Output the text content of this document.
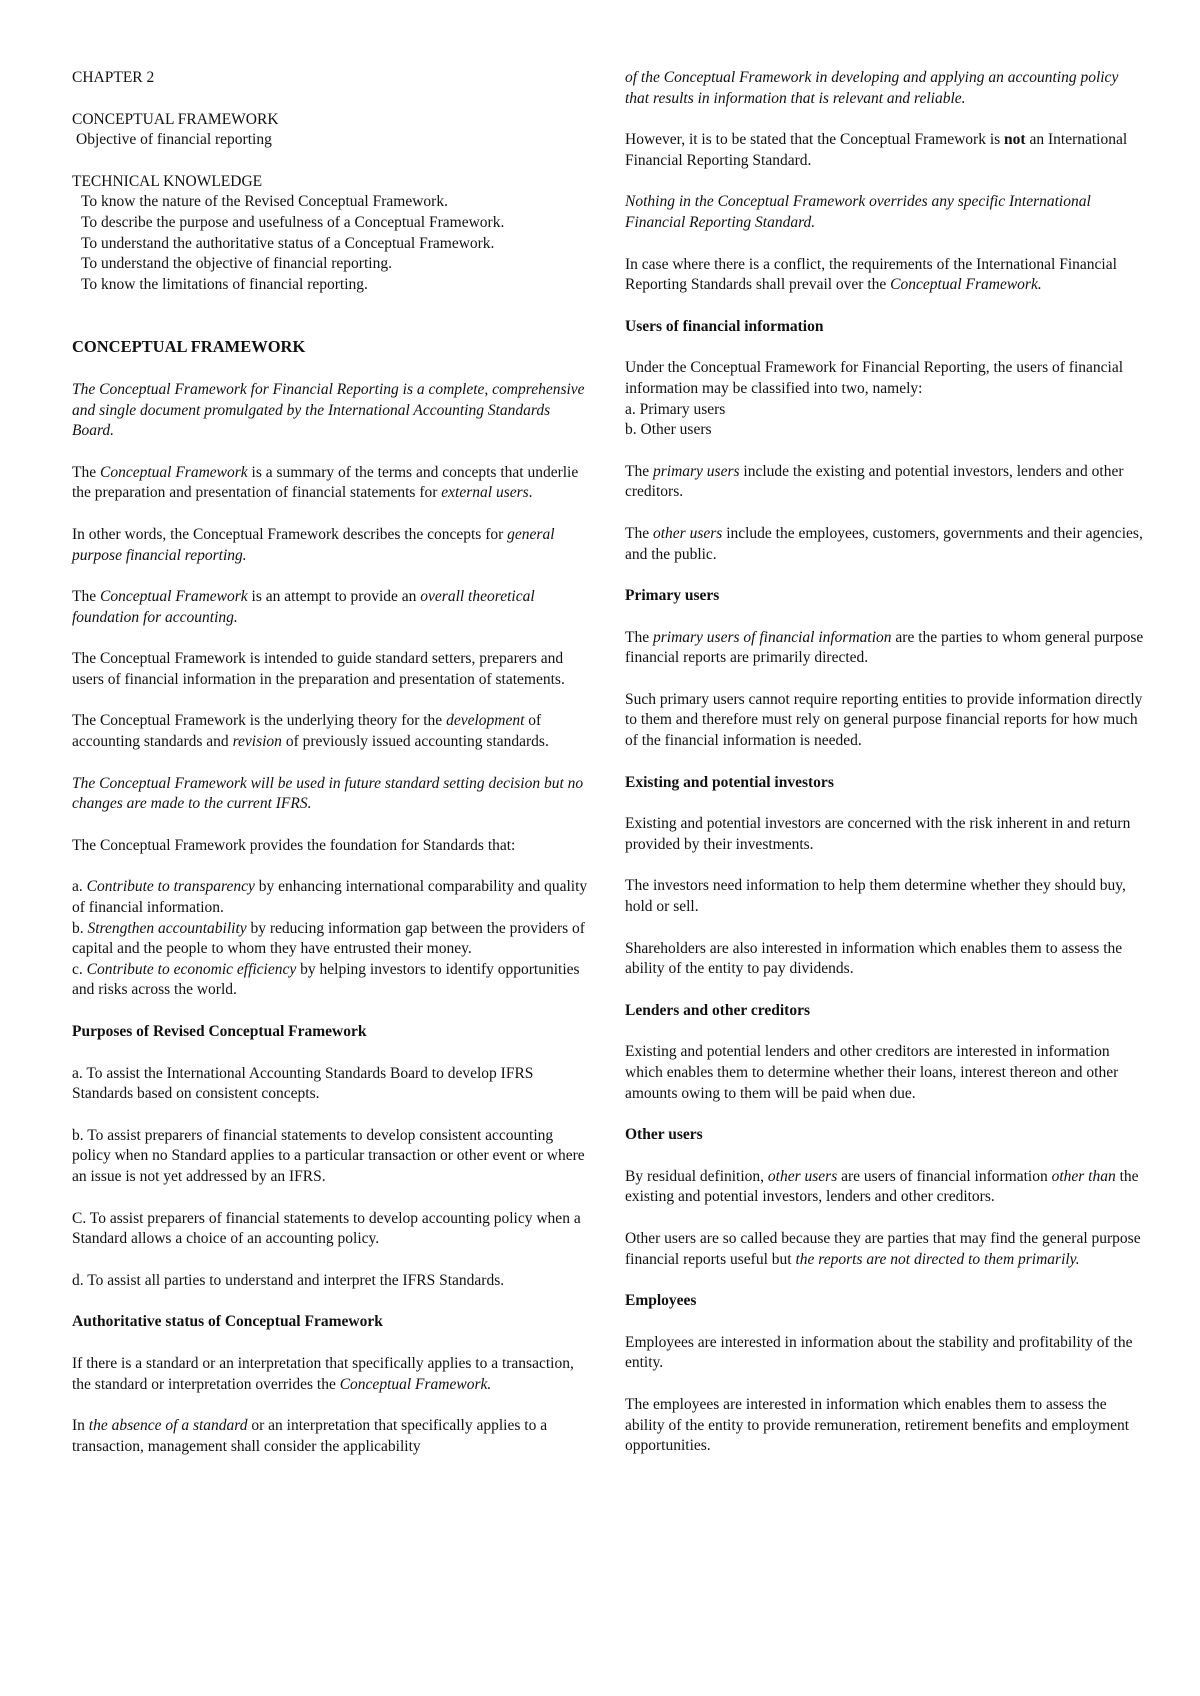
CHAPTER 2

CONCEPTUAL FRAMEWORK

Objective of financial reporting

TECHNICAL KNOWLEDGE

To know the nature of the Revised Conceptual Framework.

To describe the purpose and usefulness of a Conceptual Framework.

To understand the authoritative status of a Conceptual Framework.

To understand the objective of financial reporting.

To know the limitations of financial reporting.

CONCEPTUAL FRAMEWORK

The Conceptual Framework for Financial Reporting is a complete, comprehensive and single document promulgated by the International Accounting Standards Board.

The Conceptual Framework is a summary of the terms and concepts that underlie the preparation and presentation of financial statements for external users.

In other words, the Conceptual Framework describes the concepts for general purpose financial reporting.

The Conceptual Framework is an attempt to provide an overall theoretical foundation for accounting.

The Conceptual Framework is intended to guide standard setters, preparers and users of financial information in the preparation and presentation of statements.

The Conceptual Framework is the underlying theory for the development of accounting standards and revision of previously issued accounting standards.

The Conceptual Framework will be used in future standard setting decision but no changes are made to the current IFRS.

The Conceptual Framework provides the foundation for Standards that:

a. Contribute to transparency by enhancing international comparability and quality of financial information.

b. Strengthen accountability by reducing information gap between the providers of capital and the people to whom they have entrusted their money.

c. Contribute to economic efficiency by helping investors to identify opportunities and risks across the world.

Purposes of Revised Conceptual Framework

a. To assist the International Accounting Standards Board to develop IFRS Standards based on consistent concepts.

b. To assist preparers of financial statements to develop consistent accounting policy when no Standard applies to a particular transaction or other event or where an issue is not yet addressed by an IFRS.

C. To assist preparers of financial statements to develop accounting policy when a Standard allows a choice of an accounting policy.

d. To assist all parties to understand and interpret the IFRS Standards.

Authoritative status of Conceptual Framework

If there is a standard or an interpretation that specifically applies to a transaction, the standard or interpretation overrides the Conceptual Framework.

In the absence of a standard or an interpretation that specifically applies to a transaction, management shall consider the applicability

of the Conceptual Framework in developing and applying an accounting policy that results in information that is relevant and reliable.

However, it is to be stated that the Conceptual Framework is not an International Financial Reporting Standard.

Nothing in the Conceptual Framework overrides any specific International Financial Reporting Standard.

In case where there is a conflict, the requirements of the International Financial Reporting Standards shall prevail over the Conceptual Framework.

Users of financial information

Under the Conceptual Framework for Financial Reporting, the users of financial information may be classified into two, namely:

a. Primary users

b. Other users

The primary users include the existing and potential investors, lenders and other creditors.

The other users include the employees, customers, governments and their agencies, and the public.

Primary users

The primary users of financial information are the parties to whom general purpose financial reports are primarily directed.

Such primary users cannot require reporting entities to provide information directly to them and therefore must rely on general purpose financial reports for how much of the financial information is needed.

Existing and potential investors

Existing and potential investors are concerned with the risk inherent in and return provided by their investments.

The investors need information to help them determine whether they should buy, hold or sell.

Shareholders are also interested in information which enables them to assess the ability of the entity to pay dividends.

Lenders and other creditors

Existing and potential lenders and other creditors are interested in information which enables them to determine whether their loans, interest thereon and other amounts owing to them will be paid when due.

Other users

By residual definition, other users are users of financial information other than the existing and potential investors, lenders and other creditors.

Other users are so called because they are parties that may find the general purpose financial reports useful but the reports are not directed to them primarily.

Employees

Employees are interested in information about the stability and profitability of the entity.

The employees are interested in information which enables them to assess the ability of the entity to provide remuneration, retirement benefits and employment opportunities.
